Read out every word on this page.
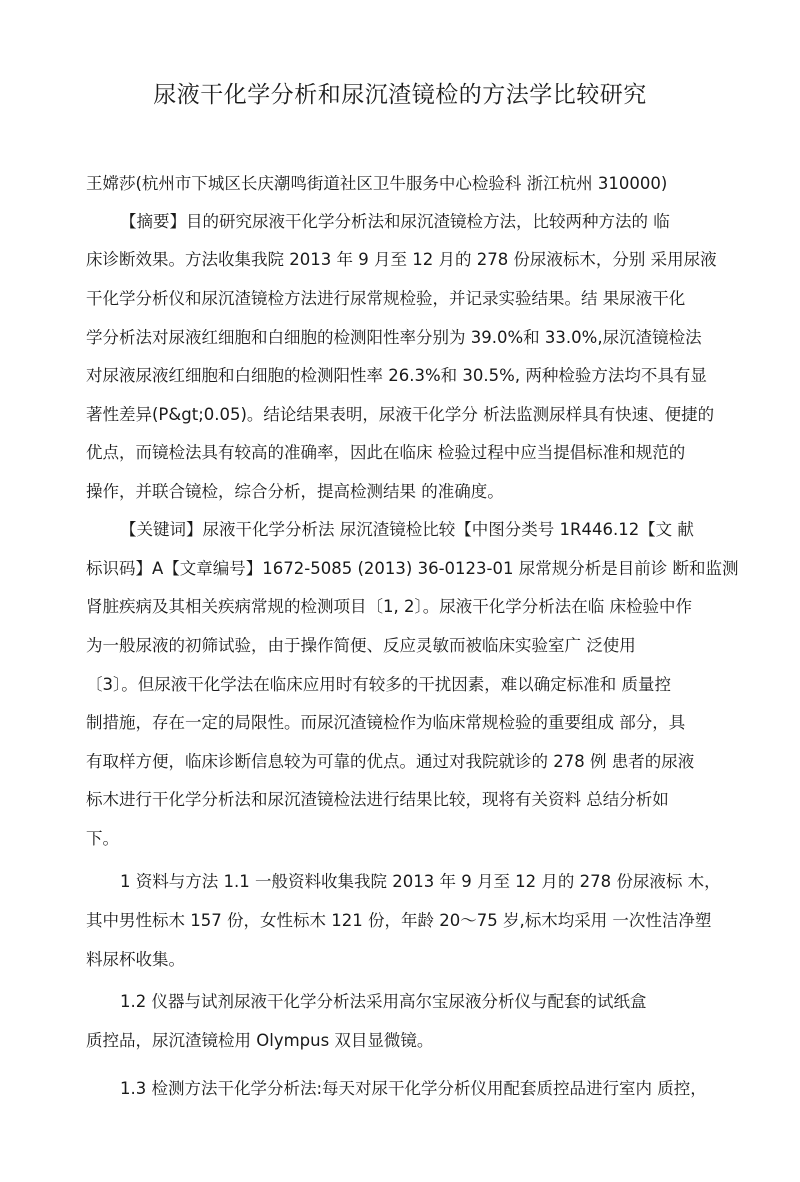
尿液干化学分析和尿沉渣镜检的方法学比较研究
王嫦莎(杭州市下城区长庆潮鸣街道社区卫牛服务中心检验科 浙江杭州 310000)
【摘要】目的研究尿液干化学分析法和尿沉渣镜检方法，比较两种方法的 临
床诊断效果。方法收集我院 2013 年 9 月至 12 月的 278 份尿液标木，分别 采用尿液
干化学分析仪和尿沉渣镜检方法进行尿常规检验，并记录实验结果。结 果尿液干化
学分析法对尿液红细胞和白细胞的检测阳性率分别为 39.0%和 33.0%,尿沉渣镜检法
对尿液尿液红细胞和白细胞的检测阳性率 26.3%和 30.5%, 两种检验方法均不具有显
著性差异(P&gt;0.05)。结论结果表明，尿液干化学分 析法监测尿样具有快速、便捷的
优点，而镜检法具有较高的准确率，因此在临床 检验过程中应当提倡标准和规范的
操作，并联合镜检，综合分析，提高检测结果 的准确度。
【关键词】尿液干化学分析法 尿沉渣镜检比较【中图分类号 1R446.12【文 献
标识码】A【文章编号】1672-5085 (2013) 36-0123-01 尿常规分析是目前诊 断和监测
肾脏疾病及其相关疾病常规的检测项目〔1, 2〕。尿液干化学分析法在临 床检验中作
为一般尿液的初筛试验，由于操作简便、反应灵敏而被临床实验室广 泛使用
〔3〕。但尿液干化学法在临床应用时有较多的干扰因素，难以确定标准和 质量控
制措施，存在一定的局限性。而尿沉渣镜检作为临床常规检验的重要组成 部分，具
有取样方便，临床诊断信息较为可靠的优点。通过对我院就诊的 278 例 患者的尿液
标木进行干化学分析法和尿沉渣镜检法进行结果比较，现将有关资料 总结分析如
下。
1 资料与方法 1.1 一般资料收集我院 2013 年 9 月至 12 月的 278 份尿液标 木，
其中男性标木 157 份，女性标木 121 份，年龄 20～75 岁,标木均采用 一次性洁净塑
料尿杯收集。
1.2 仪器与试剂尿液干化学分析法采用高尔宝尿液分析仪与配套的试纸盒
质控品，尿沉渣镜检用 Olympus 双目显微镜。
1.3 检测方法干化学分析法:每天对尿干化学分析仪用配套质控品进行室内 质控，
